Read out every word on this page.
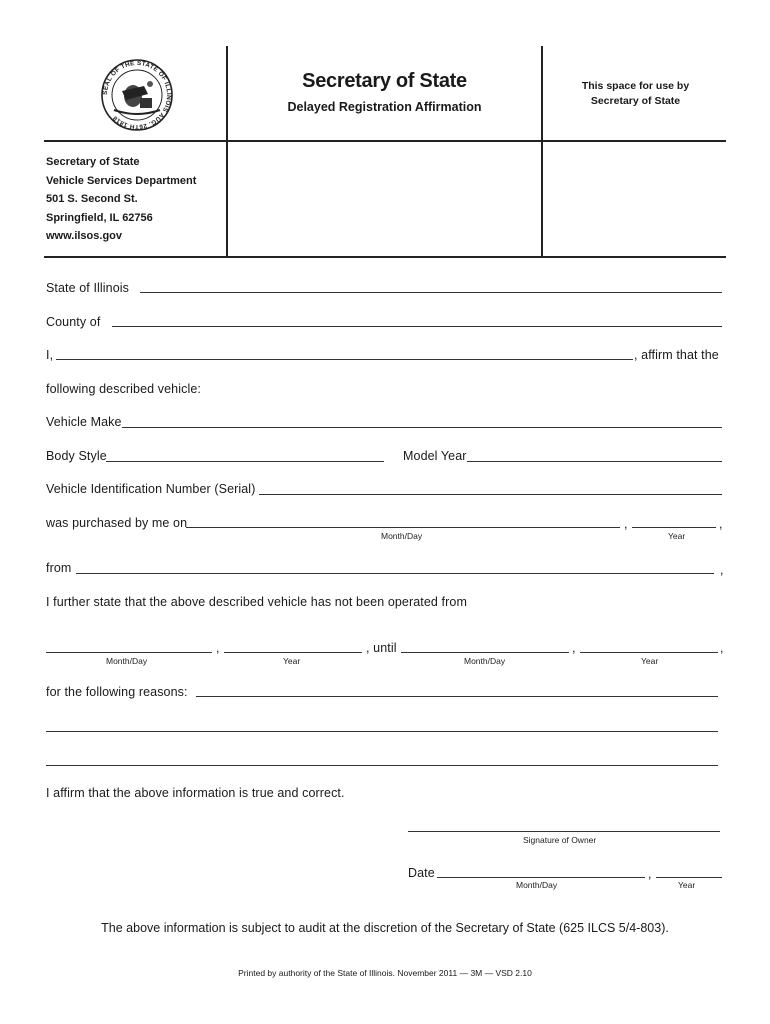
SEAL OF THE STATE OF ILLINOIS AUG. 26TH 1818
Secretary of State
Delayed Registration Affirmation
This space for use by
Secretary of State
Secretary of State
Vehicle Services Department
501 S. Second St.
Springfield, IL 62756
www.ilsos.gov
State of Illinois
County of
I,	, affirm that the
following described vehicle:
Vehicle Make
Body Style	Model Year
Vehicle Identification Number (Serial)
was purchased by me on	,	,
Month/Day	Year
from	,
I further state that the above described vehicle has not been operated from
,	, until	,	,
Month/Day	Year	Month/Day	Year
for the following reasons:
I affirm that the above information is true and correct.
Signature of Owner
Date	,
Month/Day	Year
The above information is subject to audit at the discretion of the Secretary of State (625 ILCS 5/4-803).
Printed by authority of the State of Illinois. November 2011 — 3M — VSD 2.10
